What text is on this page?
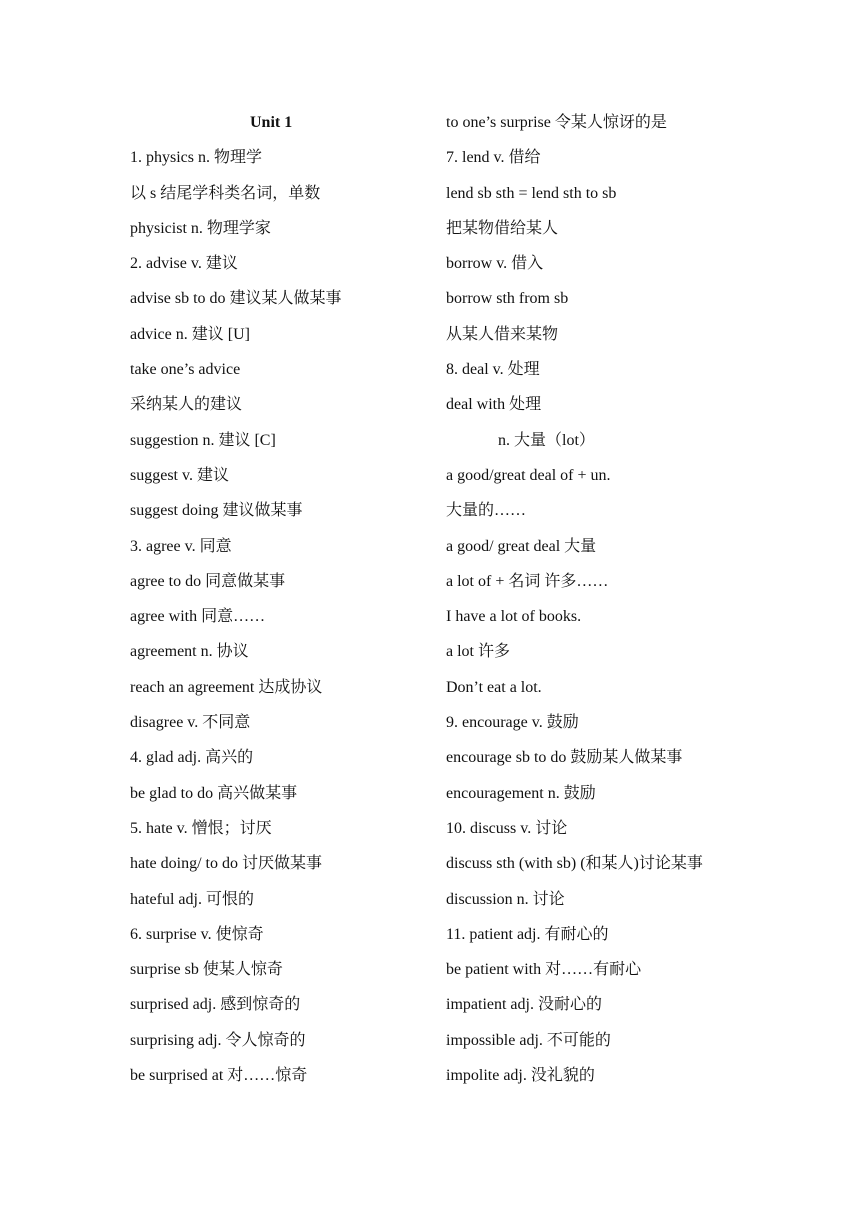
Unit 1
1. physics n. 物理学
以 s 结尾学科类名词，单数
physicist n. 物理学家
2. advise v. 建议
advise sb to do 建议某人做某事
advice n. 建议 [U]
take one’s advice
采纳某人的建议
suggestion n. 建议 [C]
suggest v. 建议
suggest doing 建议做某事
3. agree v. 同意
agree to do 同意做某事
agree with 同意……
agreement n. 协议
reach an agreement 达成协议
disagree v. 不同意
4. glad adj. 高兴的
be glad to do 高兴做某事
5. hate v. 憎恨；讨厌
hate doing/ to do 讨厌做某事
hateful adj. 可恨的
6. surprise v. 使惊奇
surprise sb 使某人惊奇
surprised adj. 感到惊奇的
surprising adj. 令人惊奇的
be surprised at 对……惊奇
to one’s surprise 令某人惊讶的是
7. lend v. 借给
lend sb sth = lend sth to sb
把某物借给某人
borrow v. 借入
borrow sth from sb
从某人借来某物
8. deal v. 处理
deal with 处理
n. 大量（lot）
a good/great deal of + un.
大量的……
a good/ great deal 大量
a lot of + 名词 许多……
I have a lot of books.
a lot 许多
Don’t eat a lot.
9. encourage v. 鼓励
encourage sb to do 鼓励某人做某事
encouragement n. 鼓励
10. discuss v. 讨论
discuss sth (with sb) (和某人)讨论某事
discussion n. 讨论
11. patient adj. 有耐心的
be patient with 对……有耐心
impatient adj. 没耐心的
impossible adj. 不可能的
impolite adj. 没礼貌的
